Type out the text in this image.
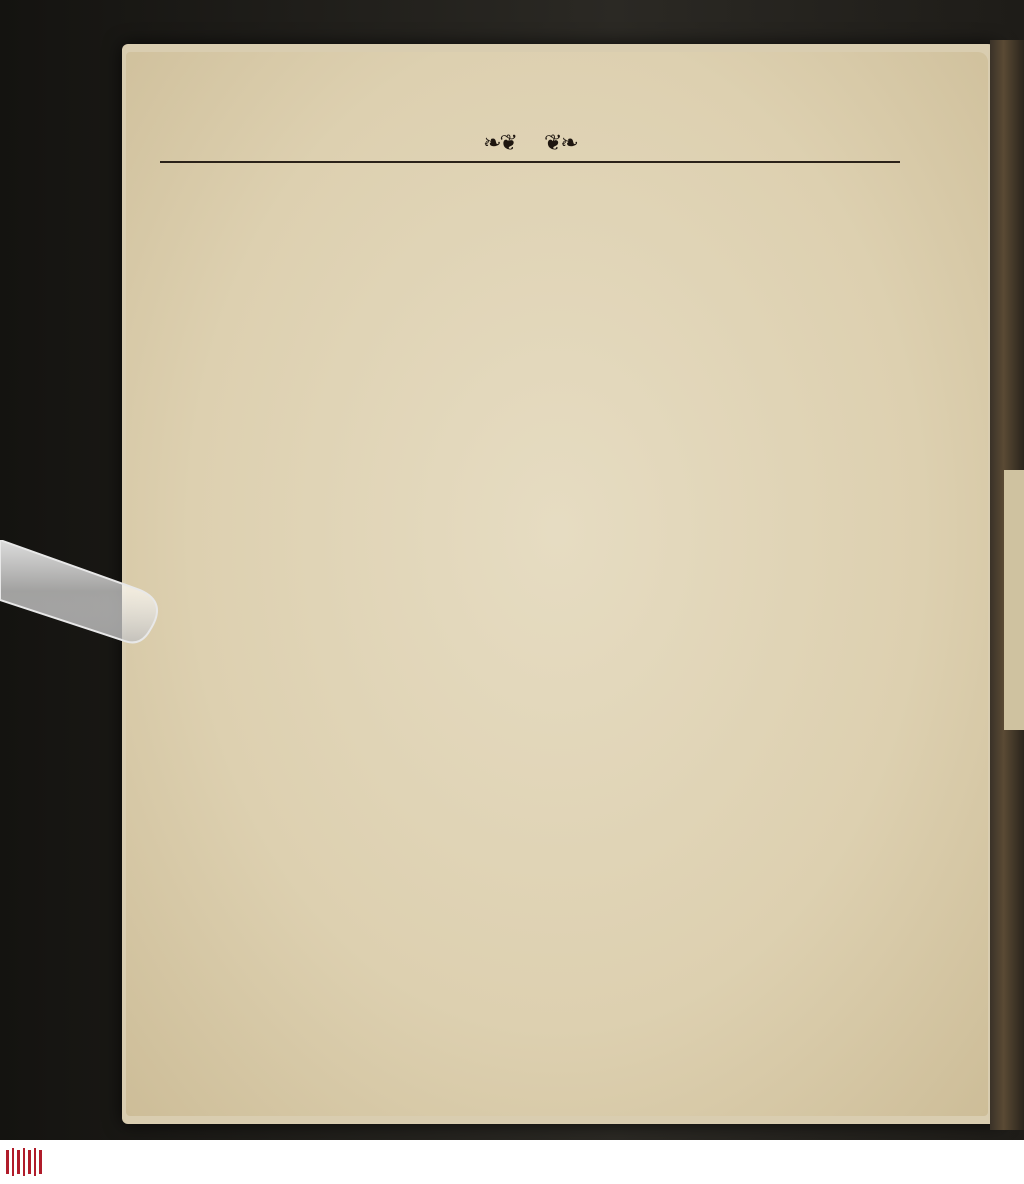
❧❦ ❦❧
